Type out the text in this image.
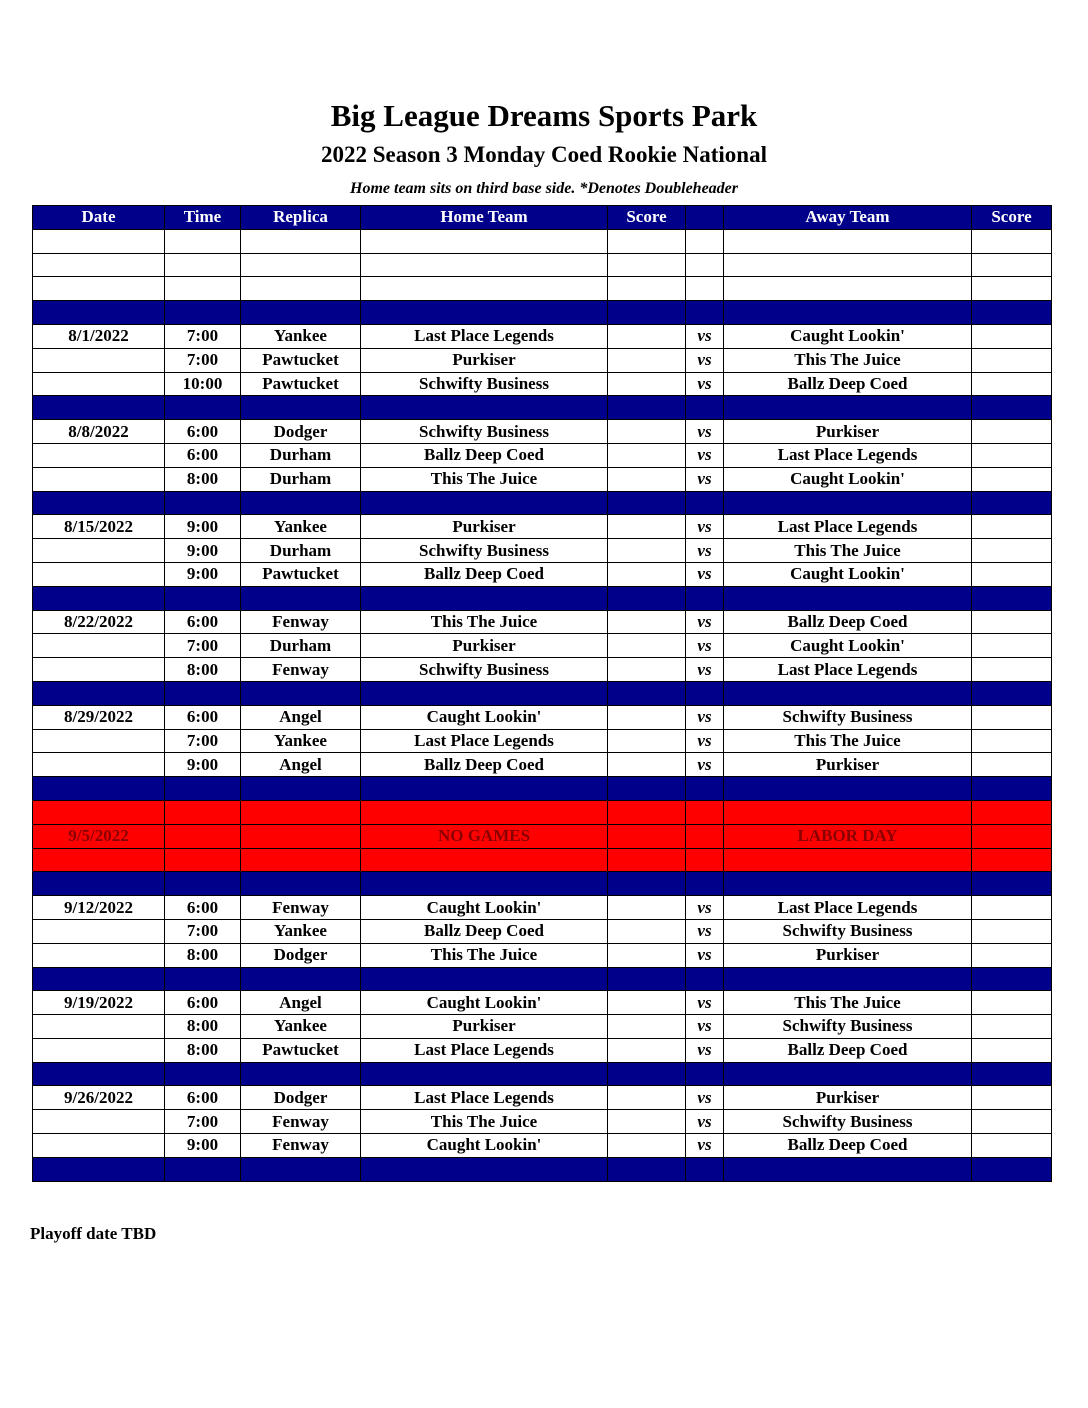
Big League Dreams Sports Park
2022 Season 3 Monday Coed Rookie National
Home team sits on third base side. *Denotes Doubleheader
Date	Time	Replica	Home Team	Score		Away Team	Score

8/1/2022	7:00	Yankee	Last Place Legends		vs	Caught Lookin'	
	7:00	Pawtucket	Purkiser		vs	This The Juice	
	10:00	Pawtucket	Schwifty Business		vs	Ballz Deep Coed	

8/8/2022	6:00	Dodger	Schwifty Business		vs	Purkiser	
	6:00	Durham	Ballz Deep Coed		vs	Last Place Legends	
	8:00	Durham	This The Juice		vs	Caught Lookin'	

8/15/2022	9:00	Yankee	Purkiser		vs	Last Place Legends	
	9:00	Durham	Schwifty Business		vs	This The Juice	
	9:00	Pawtucket	Ballz Deep Coed		vs	Caught Lookin'	

8/22/2022	6:00	Fenway	This The Juice		vs	Ballz Deep Coed	
	7:00	Durham	Purkiser		vs	Caught Lookin'	
	8:00	Fenway	Schwifty Business		vs	Last Place Legends	

8/29/2022	6:00	Angel	Caught Lookin'		vs	Schwifty Business	
	7:00	Yankee	Last Place Legends		vs	This The Juice	
	9:00	Angel	Ballz Deep Coed		vs	Purkiser	

9/5/2022			NO GAMES			LABOR DAY	

9/12/2022	6:00	Fenway	Caught Lookin'		vs	Last Place Legends	
	7:00	Yankee	Ballz Deep Coed		vs	Schwifty Business	
	8:00	Dodger	This The Juice		vs	Purkiser	

9/19/2022	6:00	Angel	Caught Lookin'		vs	This The Juice	
	8:00	Yankee	Purkiser		vs	Schwifty Business	
	8:00	Pawtucket	Last Place Legends		vs	Ballz Deep Coed	

9/26/2022	6:00	Dodger	Last Place Legends		vs	Purkiser	
	7:00	Fenway	This The Juice		vs	Schwifty Business	
	9:00	Fenway	Caught Lookin'		vs	Ballz Deep Coed	

Playoff date TBD
